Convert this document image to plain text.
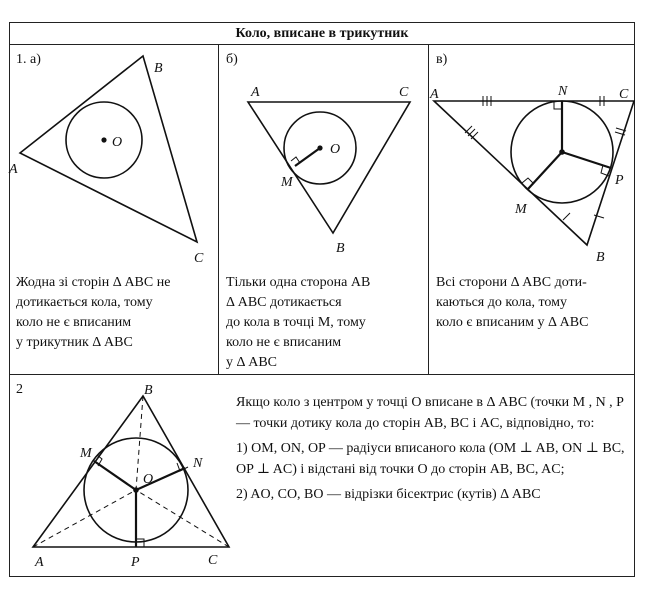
Коло, вписане в трикутник
1. а)	б)	в)
2
O
A
B
C
A	C
O
M
B
A	N	C
P
M
B
B
M
N
O
A	P	C

Жодна зі сторін Δ ABC не

дотикається кола, тому

коло не є вписаним

у трикутник Δ ABC

Тільки одна сторона AB

Δ ABC дотикається

до кола в точці M, тому

коло не є вписаним

у Δ ABC

Всі сторони Δ ABC доти-

каються до кола, тому

коло є вписаним у Δ ABC

Якщо коло з центром у точці O вписане в Δ ABC (точки M , N , P — точки дотику кола до сторін AB, BC і AC, відповідно, то:

1) OM, ON, OP — радіуси вписаного кола (OM ⊥ AB, ON ⊥ BC, OP ⊥ AC) і відстані від точки O до сторін AB, BC, AC;

2) AO, CO, BO — відрізки бісектрис (кутів) Δ ABC
